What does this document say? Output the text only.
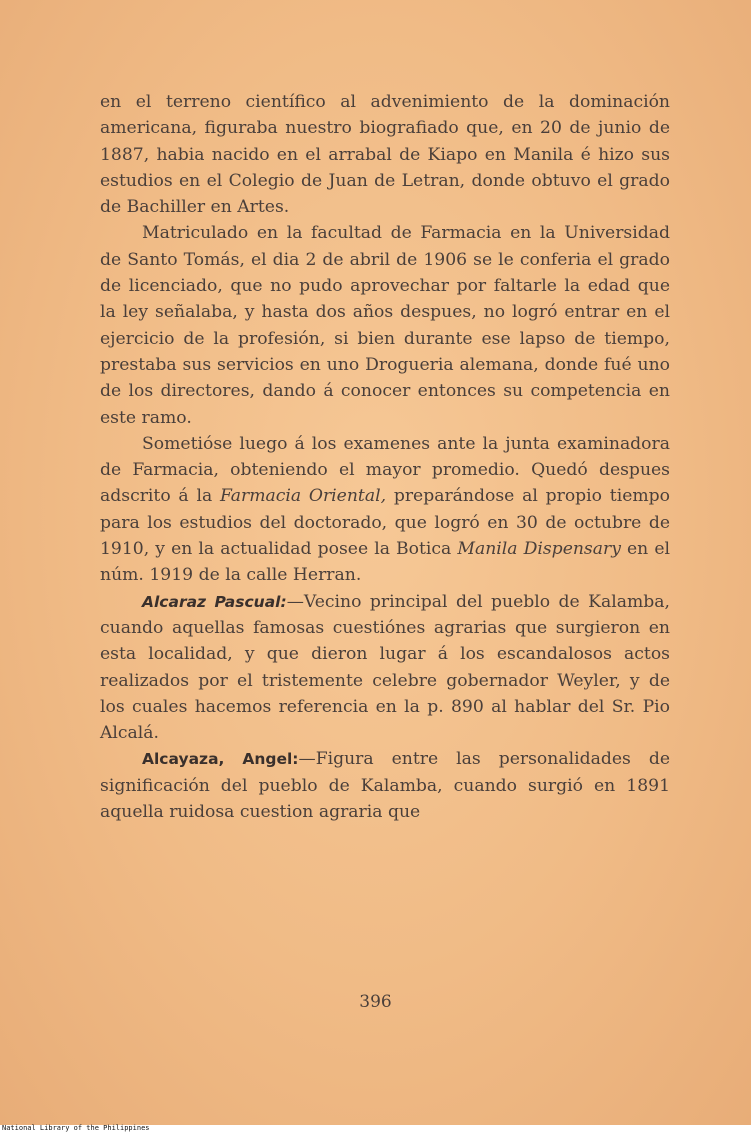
en el terreno científico al advenimiento de la dominación americana, figuraba nuestro biografiado que, en 20 de junio de 1887, habia nacido en el arrabal de Kiapo en Manila é hizo sus estudios en el Colegio de Juan de Letran, donde obtuvo el grado de Bachiller en Artes.

Matriculado en la facultad de Farmacia en la Universidad de Santo Tomás, el dia 2 de abril de 1906 se le conferia el grado de licenciado, que no pudo aprovechar por faltarle la edad que la ley señalaba, y hasta dos años despues, no logró entrar en el ejercicio de la profesión, si bien durante ese lapso de tiempo, prestaba sus servicios en uno Drogueria alemana, donde fué uno de los directores, dando á conocer entonces su competencia en este ramo.

Sometióse luego á los examenes ante la junta examinadora de Farmacia, obteniendo el mayor promedio. Quedó despues adscrito á la Farmacia Oriental, preparándose al propio tiempo para los estudios del doctorado, que logró en 30 de octubre de 1910, y en la actualidad posee la Botica Manila Dispensary en el núm. 1919 de la calle Herran.

Alcaraz Pascual:—Vecino principal del pueblo de Kalamba, cuando aquellas famosas cuestiónes agrarias que surgieron en esta localidad, y que dieron lugar á los escandalosos actos realizados por el tristemente celebre gobernador Weyler, y de los cuales hacemos referencia en la p. 890 al hablar del Sr. Pio Alcalá.

Alcayaza, Angel:—Figura entre las personalidades de significación del pueblo de Kalamba, cuando surgió en 1891 aquella ruidosa cuestion agraria que

396
National Library of the Philippines
